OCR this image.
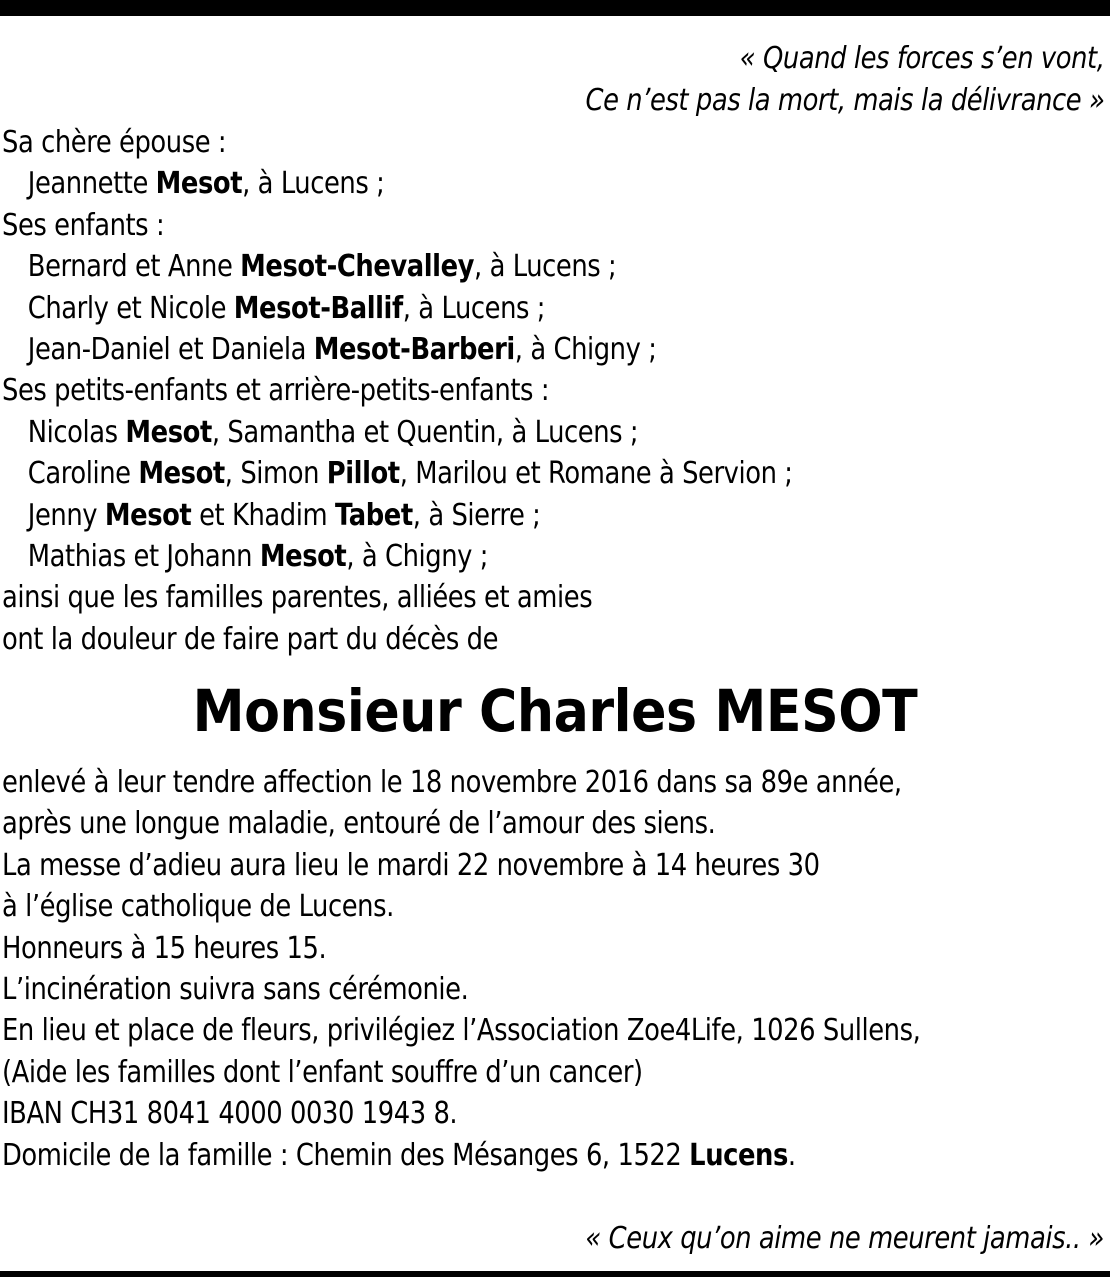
« Quand les forces s’en vont,
Ce n’est pas la mort, mais la délivrance »
Sa chère épouse :
Jeannette Mesot, à Lucens ;
Ses enfants :
Bernard et Anne Mesot-Chevalley, à Lucens ;
Charly et Nicole Mesot-Ballif, à Lucens ;
Jean-Daniel et Daniela Mesot-Barberi, à Chigny ;
Ses petits-enfants et arrière-petits-enfants :
Nicolas Mesot, Samantha et Quentin, à Lucens ;
Caroline Mesot, Simon Pillot, Marilou et Romane à Servion ;
Jenny Mesot et Khadim Tabet, à Sierre ;
Mathias et Johann Mesot, à Chigny ;
ainsi que les familles parentes, alliées et amies
ont la douleur de faire part du décès de
Monsieur Charles MESOT
enlevé à leur tendre affection le 18 novembre 2016 dans sa 89e année,
après une longue maladie, entouré de l’amour des siens.
La messe d’adieu aura lieu le mardi 22 novembre à 14 heures 30
à l’église catholique de Lucens.
Honneurs à 15 heures 15.
L’incinération suivra sans cérémonie.
En lieu et place de fleurs, privilégiez l’Association Zoe4Life, 1026 Sullens,
(Aide les familles dont l’enfant souffre d’un cancer)
IBAN CH31 8041 4000 0030 1943 8.
Domicile de la famille : Chemin des Mésanges 6, 1522 Lucens.
« Ceux qu’on aime ne meurent jamais.. »
